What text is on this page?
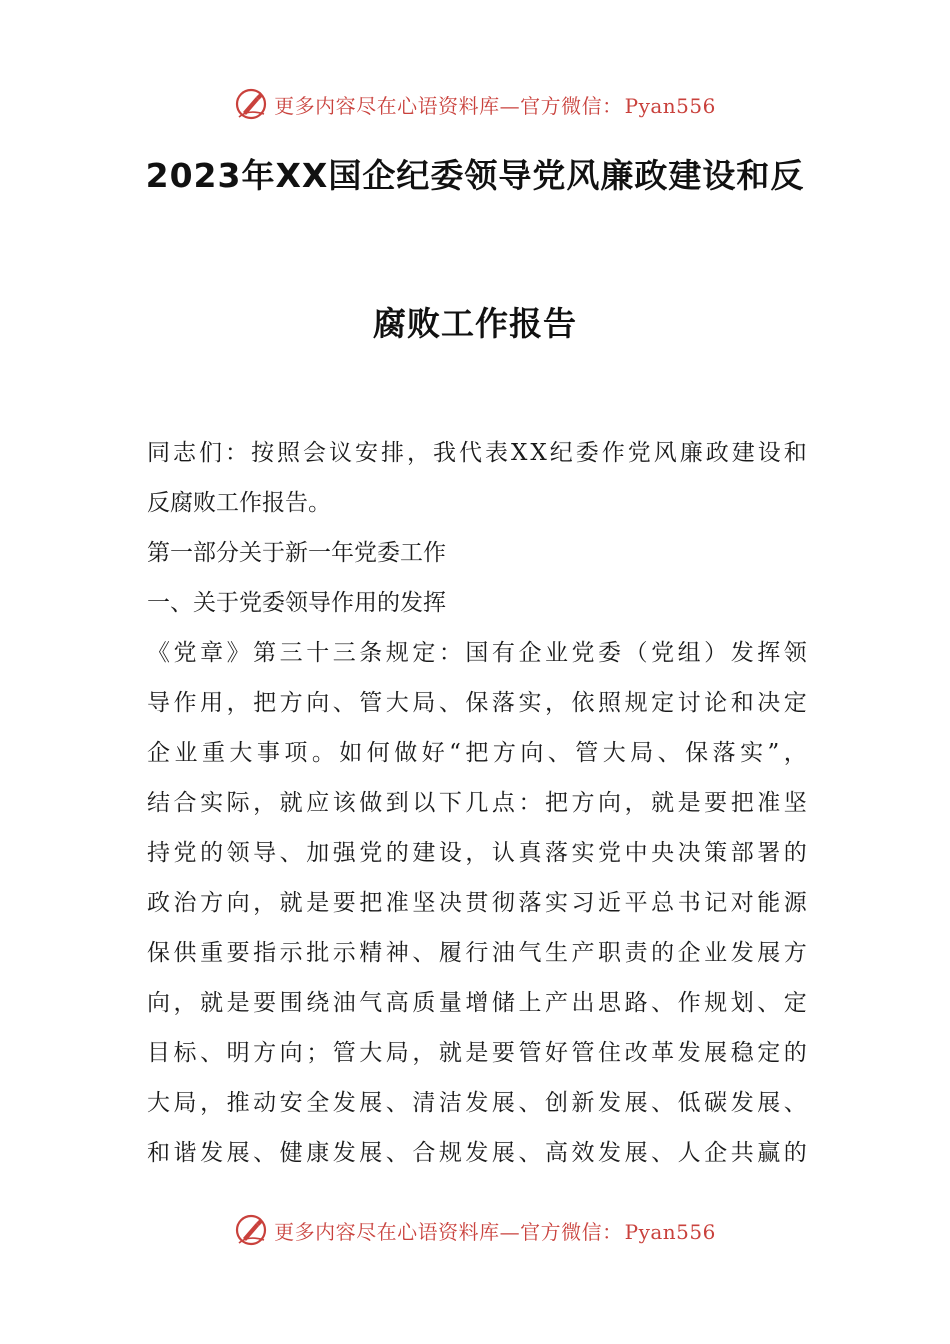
更多内容尽在心语资料库—官方微信： Pyan556
2023年XX国企纪委领导党风廉政建设和反
腐败工作报告
同 志 们 ： 按 照 会 议 安 排 ， 我 代 表 X X 纪 委 作 党 风 廉 政 建 设 和
反腐败工作报告。
第一部分关于新一年党委工作
一、关于党委领导作用的发挥
《 党 章 》 第 三 十 三 条 规 定 ： 国 有 企 业 党 委 （ 党 组 ） 发 挥 领
导 作 用 ， 把 方 向 、 管 大 局 、 保 落 实 ， 依 照 规 定 讨 论 和 决 定
企 业 重 大 事 项 。 如 何 做 好 “ 把 方 向 、 管 大 局 、 保 落 实 ” ，
结 合 实 际 ， 就 应 该 做 到 以 下 几 点 ： 把 方 向 ， 就 是 要 把 准 坚
持 党 的 领 导 、 加 强 党 的 建 设 ， 认 真 落 实 党 中 央 决 策 部 署 的
政 治 方 向 ， 就 是 要 把 准 坚 决 贯 彻 落 实 习 近 平 总 书 记 对 能 源
保 供 重 要 指 示 批 示 精 神 、 履 行 油 气 生 产 职 责 的 企 业 发 展 方
向 ， 就 是 要 围 绕 油 气 高 质 量 增 储 上 产 出 思 路 、 作 规 划 、 定
目 标 、 明 方 向 ； 管 大 局 ， 就 是 要 管 好 管 住 改 革 发 展 稳 定 的
大 局 ， 推 动 安 全 发 展 、 清 洁 发 展 、 创 新 发 展 、 低 碳 发 展 、
和 谐 发 展 、 健 康 发 展 、 合 规 发 展 、 高 效 发 展 、 人 企 共 赢 的
更多内容尽在心语资料库—官方微信： Pyan556
